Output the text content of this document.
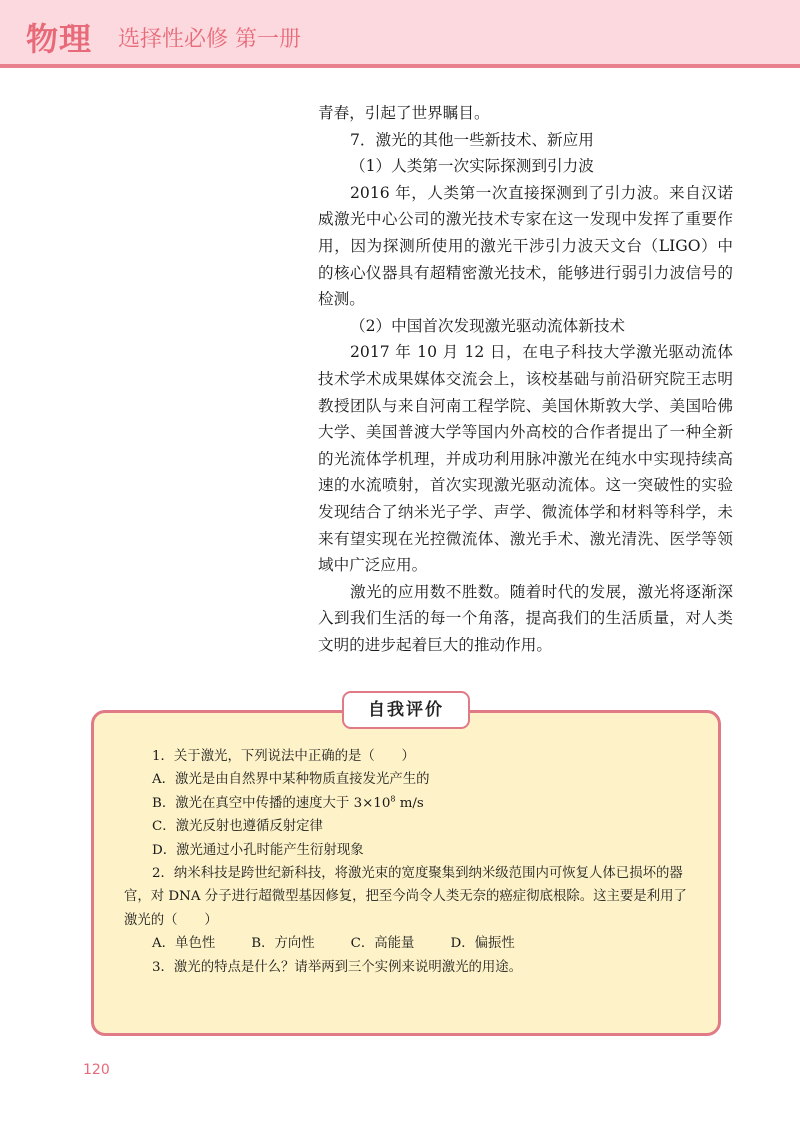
物理 选择性必修 第一册

青春，引起了世界瞩目。

7．激光的其他一些新技术、新应用

（1）人类第一次实际探测到引力波

2016 年，人类第一次直接探测到了引力波。来自汉诺威激光中心公司的激光技术专家在这一发现中发挥了重要作用，因为探测所使用的激光干涉引力波天文台（LIGO）中的核心仪器具有超精密激光技术，能够进行弱引力波信号的检测。

（2）中国首次发现激光驱动流体新技术

2017 年 10 月 12 日，在电子科技大学激光驱动流体技术学术成果媒体交流会上，该校基础与前沿研究院王志明教授团队与来自河南工程学院、美国休斯敦大学、美国哈佛大学、美国普渡大学等国内外高校的合作者提出了一种全新的光流体学机理，并成功利用脉冲激光在纯水中实现持续高速的水流喷射，首次实现激光驱动流体。这一突破性的实验发现结合了纳米光子学、声学、微流体学和材料等科学，未来有望实现在光控微流体、激光手术、激光清洗、医学等领域中广泛应用。

激光的应用数不胜数。随着时代的发展，激光将逐渐深入到我们生活的每一个角落，提高我们的生活质量，对人类文明的进步起着巨大的推动作用。

自我评价

1．关于激光，下列说法中正确的是（　　）

A．激光是由自然界中某种物质直接发光产生的

B．激光在真空中传播的速度大于 $3\times 10^8$ m/s

C．激光反射也遵循反射定律

D．激光通过小孔时能产生衍射现象

2．纳米科技是跨世纪新科技，将激光束的宽度聚集到纳米级范围内可恢复人体已损坏的器官，对 DNA 分子进行超微型基因修复，把至今尚令人类无奈的癌症彻底根除。这主要是利用了激光的（　　）

A．单色性	B．方向性	C．高能量	D．偏振性

3．激光的特点是什么？请举两到三个实例来说明激光的用途。

120
